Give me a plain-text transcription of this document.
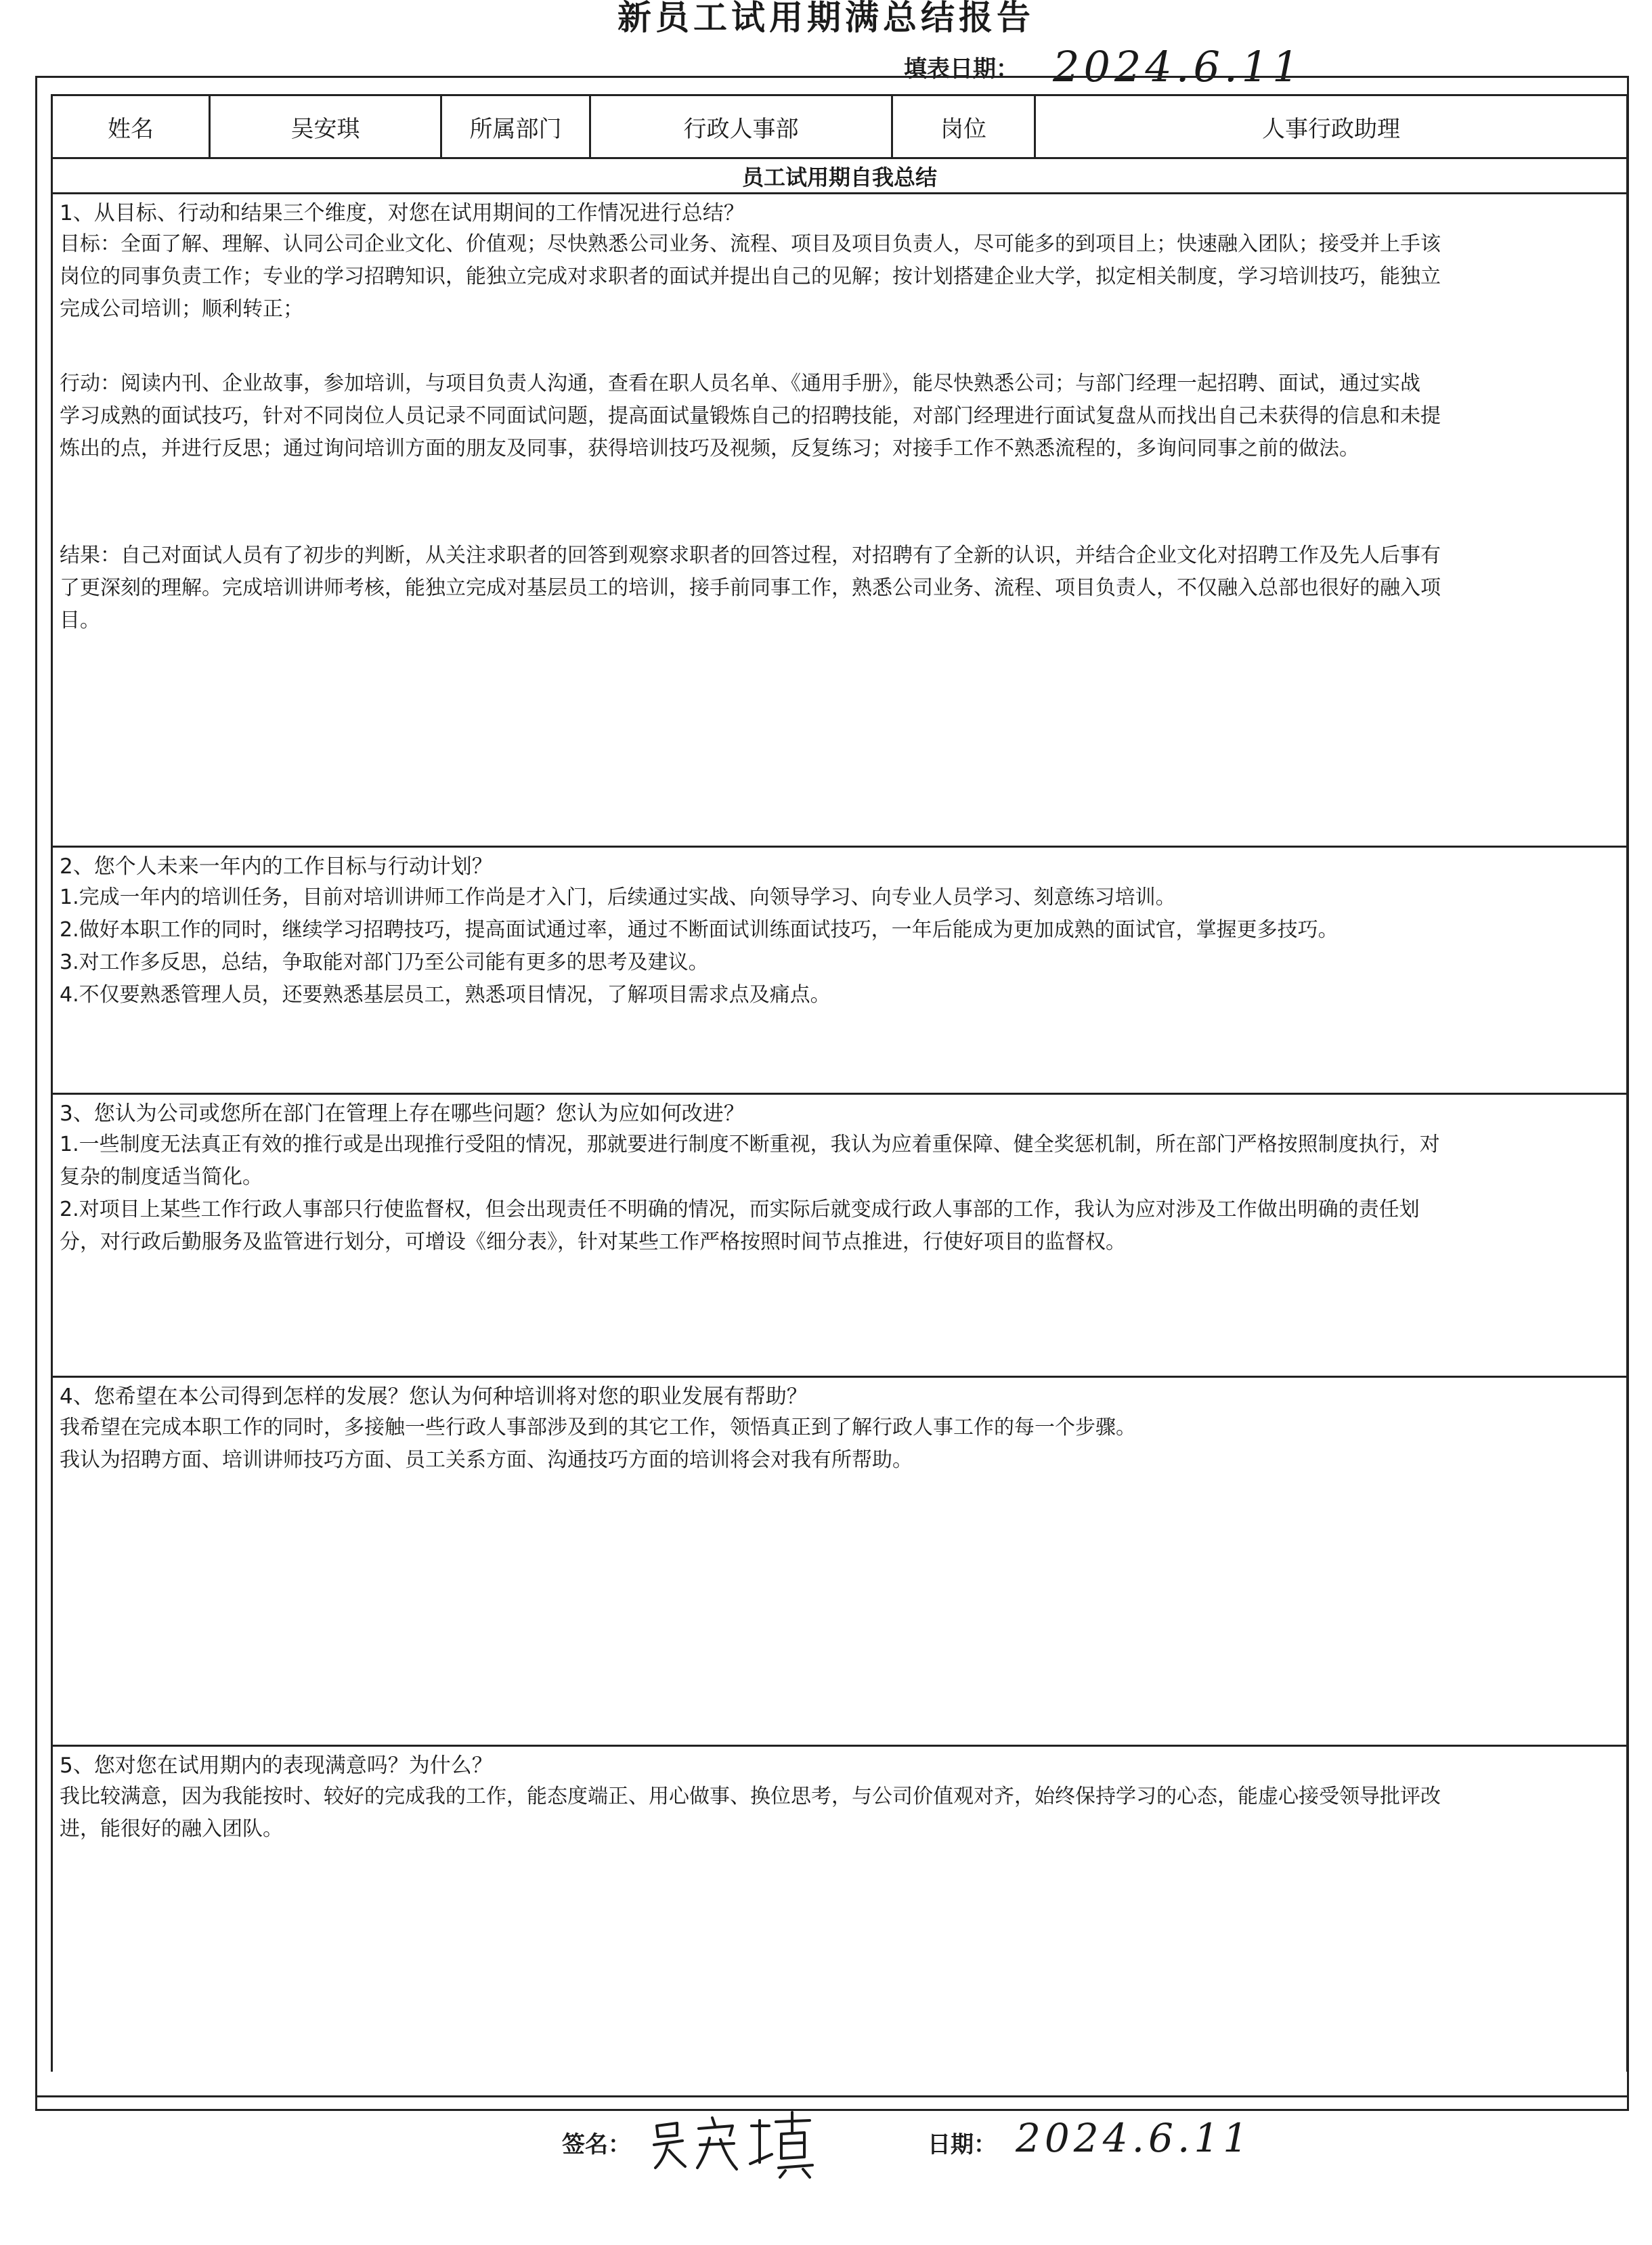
新员工试用期满总结报告
填表日期： 2024.6.11
姓名	吴安琪	所属部门	行政人事部	岗位	人事行政助理
员工试用期自我总结

1、从目标、行动和结果三个维度，对您在试用期间的工作情况进行总结？

目标：全面了解、理解、认同公司企业文化、价值观；尽快熟悉公司业务、流程、项目及项目负责人，尽可能多的到项目上；快速融入团队；接受并上手该

岗位的同事负责工作；专业的学习招聘知识，能独立完成对求职者的面试并提出自己的见解；按计划搭建企业大学，拟定相关制度，学习培训技巧，能独立

完成公司培训；顺利转正；

行动：阅读内刊、企业故事，参加培训，与项目负责人沟通，查看在职人员名单、《通用手册》，能尽快熟悉公司；与部门经理一起招聘、面试，通过实战

学习成熟的面试技巧，针对不同岗位人员记录不同面试问题，提高面试量锻炼自己的招聘技能，对部门经理进行面试复盘从而找出自己未获得的信息和未提

炼出的点，并进行反思；通过询问培训方面的朋友及同事，获得培训技巧及视频，反复练习；对接手工作不熟悉流程的，多询问同事之前的做法。

结果：自己对面试人员有了初步的判断，从关注求职者的回答到观察求职者的回答过程，对招聘有了全新的认识，并结合企业文化对招聘工作及先人后事有

了更深刻的理解。完成培训讲师考核，能独立完成对基层员工的培训，接手前同事工作，熟悉公司业务、流程、项目负责人，不仅融入总部也很好的融入项

目。

2、您个人未来一年内的工作目标与行动计划？

1.完成一年内的培训任务，目前对培训讲师工作尚是才入门，后续通过实战、向领导学习、向专业人员学习、刻意练习培训。

2.做好本职工作的同时，继续学习招聘技巧，提高面试通过率，通过不断面试训练面试技巧，一年后能成为更加成熟的面试官，掌握更多技巧。

3.对工作多反思，总结，争取能对部门乃至公司能有更多的思考及建议。

4.不仅要熟悉管理人员，还要熟悉基层员工，熟悉项目情况，了解项目需求点及痛点。

3、您认为公司或您所在部门在管理上存在哪些问题？您认为应如何改进？

1.一些制度无法真正有效的推行或是出现推行受阻的情况，那就要进行制度不断重视，我认为应着重保障、健全奖惩机制，所在部门严格按照制度执行，对

复杂的制度适当简化。

2.对项目上某些工作行政人事部只行使监督权，但会出现责任不明确的情况，而实际后就变成行政人事部的工作，我认为应对涉及工作做出明确的责任划

分，对行政后勤服务及监管进行划分，可增设《细分表》，针对某些工作严格按照时间节点推进，行使好项目的监督权。

4、您希望在本公司得到怎样的发展？您认为何种培训将对您的职业发展有帮助？

我希望在完成本职工作的同时，多接触一些行政人事部涉及到的其它工作，领悟真正到了解行政人事工作的每一个步骤。

我认为招聘方面、培训讲师技巧方面、员工关系方面、沟通技巧方面的培训将会对我有所帮助。

5、您对您在试用期内的表现满意吗？为什么？

我比较满意，因为我能按时、较好的完成我的工作，能态度端正、用心做事、换位思考，与公司价值观对齐，始终保持学习的心态，能虚心接受领导批评改

进，能很好的融入团队。

签名：	日期： 2024.6.11
